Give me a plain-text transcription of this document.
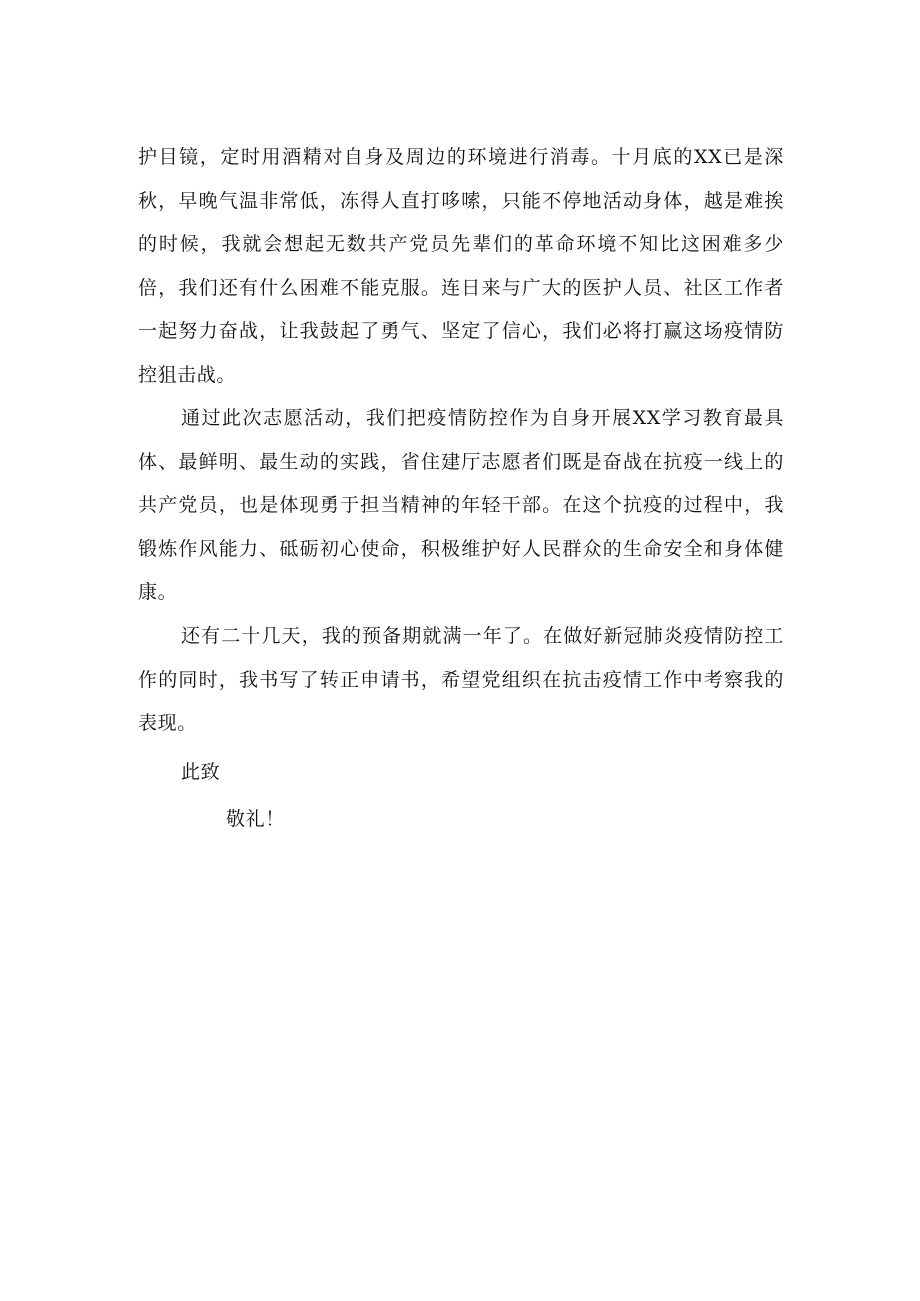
护目镜，定时用酒精对自身及周边的环境进行消毒。十月底的XX已是深秋，早晚气温非常低，冻得人直打哆嗦，只能不停地活动身体，越是难挨的时候，我就会想起无数共产党员先辈们的革命环境不知比这困难多少倍，我们还有什么困难不能克服。连日来与广大的医护人员、社区工作者一起努力奋战，让我鼓起了勇气、坚定了信心，我们必将打赢这场疫情防控狙击战。

通过此次志愿活动，我们把疫情防控作为自身开展XX学习教育最具体、最鲜明、最生动的实践，省住建厅志愿者们既是奋战在抗疫一线上的共产党员，也是体现勇于担当精神的年轻干部。在这个抗疫的过程中，我锻炼作风能力、砥砺初心使命，积极维护好人民群众的生命安全和身体健康。

还有二十几天，我的预备期就满一年了。在做好新冠肺炎疫情防控工作的同时，我书写了转正申请书，希望党组织在抗击疫情工作中考察我的表现。

此致
敬礼！
